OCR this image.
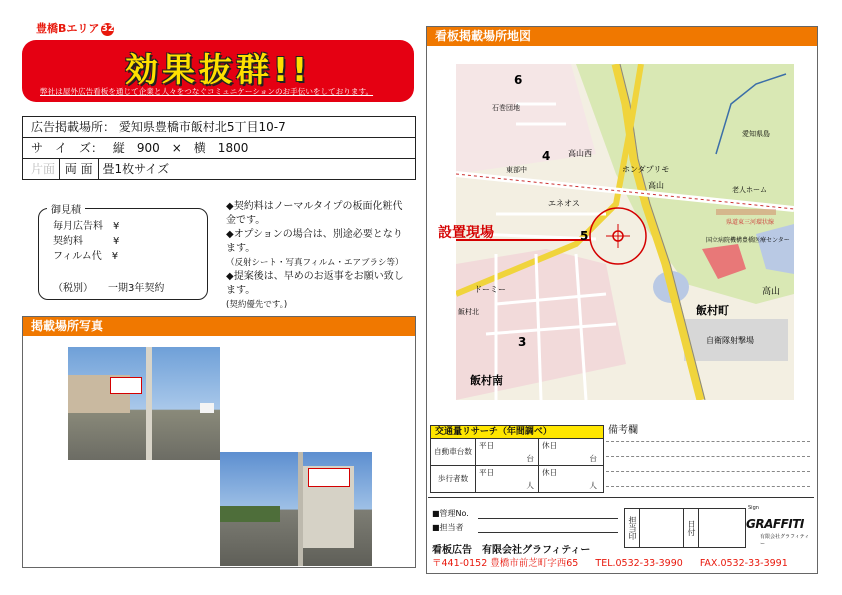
豊橋Bエリア 32
効果抜群!!
弊社は屋外広告看板を通じて企業と人々をつなぐコミュニケーションのお手伝いをしております。
広告掲載場所： 愛知県豊橋市飯村北5丁目10-7
サ　イ　ズ： 縦　900　×　横　1800
片面 両 面 畳1枚サイズ
御見積
毎月広告料　¥
契約料　　　¥
フィルム代　¥
（税別）　　一期3年契約
◆契約料はノーマルタイプの板面化粧代金です。
◆オプションの場合は、別途必要となります。
（反射シート・写真フィルム・エアブラシ等）
◆提案後は、早めのお返事をお願い致します。
(契約優先です。)
掲載場所写真
看板掲載場所地図
6
4
5
3
高山西
高山
高山
国立病院機構豊橋医療センター
飯村町
飯村南
自衛隊射撃場
ホンダプリモ
エネオス
老人ホーム
東部中
石巻団地
ドーミー
飯村北
愛知県島
県道東三河環状線
設置現場
交通量リサーチ（年間調べ）
自動車台数
平日
台
休日
台
歩行者数
平日
人
休日
人
備考欄
■管理No.
■担当者	担当印	日付
Sign
GRAFFITI
有限会社グラフィティー
看板広告　有限会社グラフィティー
〒441-0152 豊橋市前芝町字西65 TEL.0532-33-3990 FAX.0532-33-3991
